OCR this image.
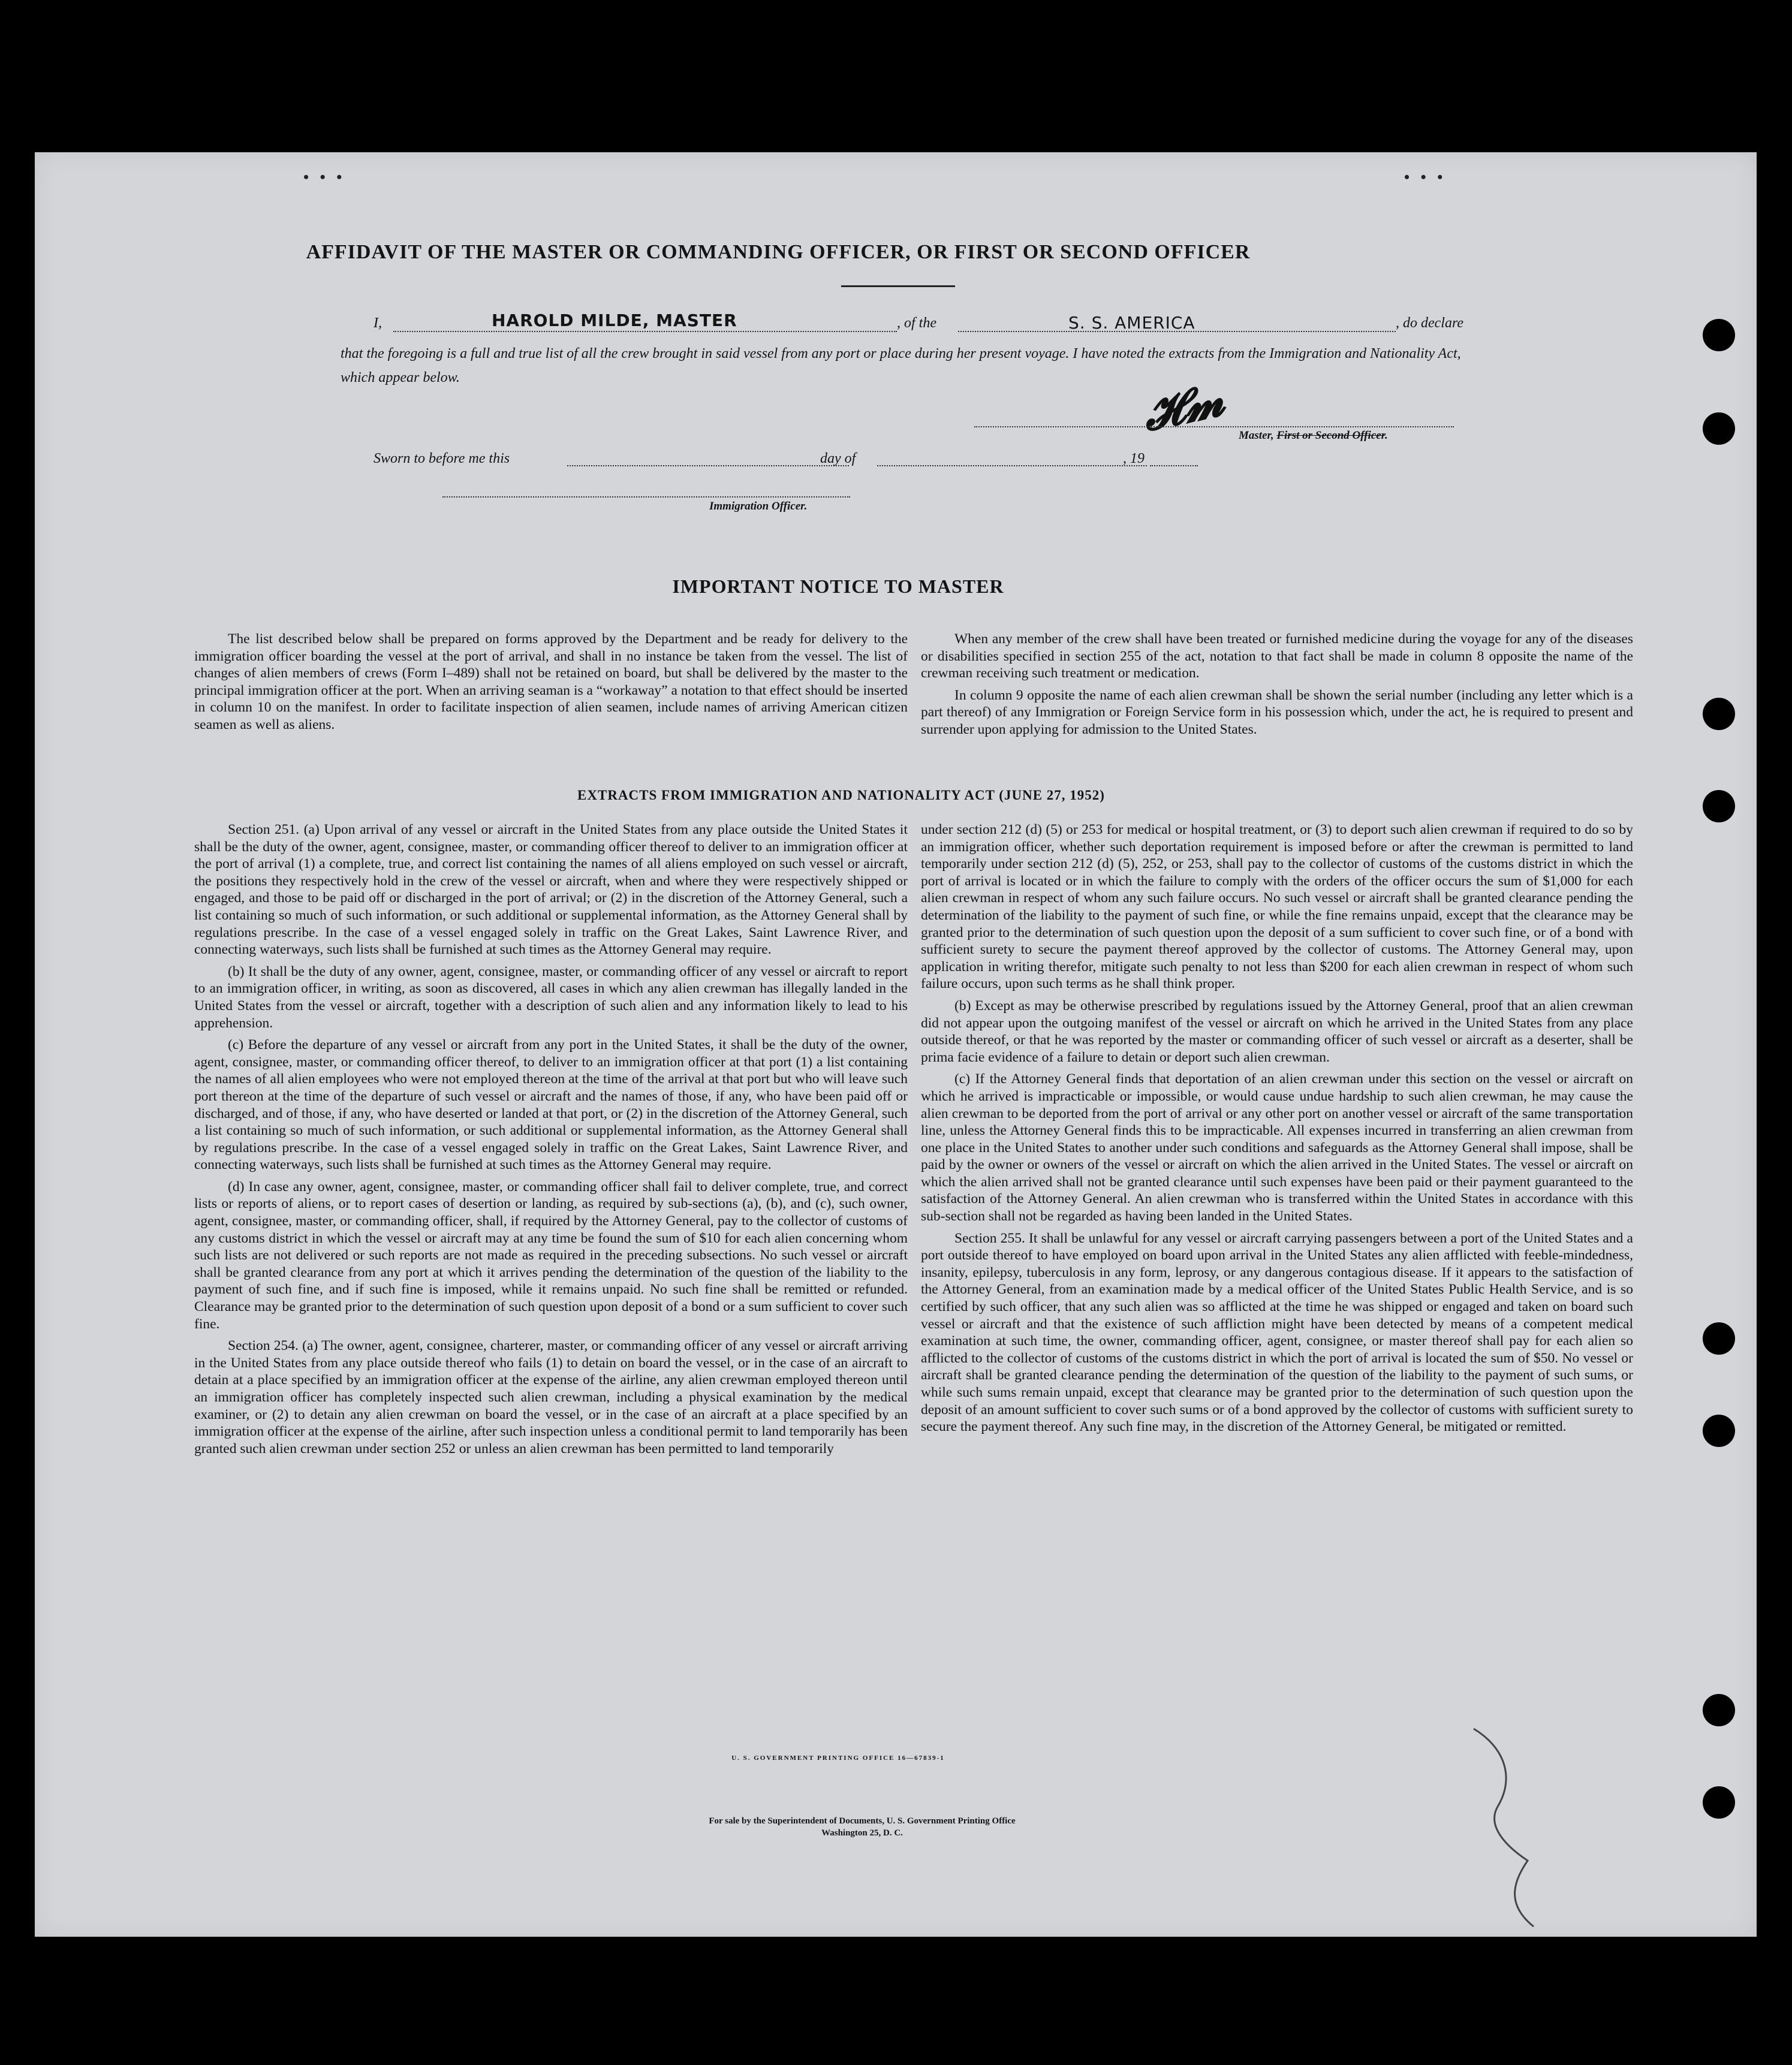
• • •	• • •
AFFIDAVIT OF THE MASTER OR COMMANDING OFFICER, OR FIRST OR SECOND OFFICER
I,	HAROLD MILDE, MASTER	, of the	S. S. AMERICA	, do declare
that the foregoing is a full and true list of all the crew brought in said vessel from any port or place during her present voyage. I have noted the extracts from the Immigration and Nationality Act, which appear below.	𝓗𝓶 Master, First or Second Officer.
Sworn to before me this	day of	, 19
Immigration Officer.
IMPORTANT NOTICE TO MASTER

The list described below shall be prepared on forms approved by the Department and be ready for delivery to the immigration officer boarding the vessel at the port of arrival, and shall in no instance be taken from the vessel. The list of changes of alien members of crews (Form I–489) shall not be retained on board, but shall be delivered by the master to the principal immigration officer at the port. When an arriving seaman is a “workaway” a notation to that effect should be inserted in column 10 on the manifest. In order to facilitate inspection of alien seamen, include names of arriving American citizen seamen as well as aliens.

When any member of the crew shall have been treated or furnished medicine during the voyage for any of the diseases or disabilities specified in section 255 of the act, notation to that fact shall be made in column 8 opposite the name of the crewman receiving such treatment or medication.

In column 9 opposite the name of each alien crewman shall be shown the serial number (including any letter which is a part thereof) of any Immigration or Foreign Service form in his possession which, under the act, he is required to present and surrender upon applying for admission to the United States.

EXTRACTS FROM IMMIGRATION AND NATIONALITY ACT (JUNE 27, 1952)

Section 251. (a) Upon arrival of any vessel or aircraft in the United States from any place outside the United States it shall be the duty of the owner, agent, consignee, master, or commanding officer thereof to deliver to an immigration officer at the port of arrival (1) a complete, true, and correct list containing the names of all aliens employed on such vessel or aircraft, the positions they respectively hold in the crew of the vessel or aircraft, when and where they were respectively shipped or engaged, and those to be paid off or discharged in the port of arrival; or (2) in the discretion of the Attorney General, such a list containing so much of such information, or such additional or supplemental information, as the Attorney General shall by regulations prescribe. In the case of a vessel engaged solely in traffic on the Great Lakes, Saint Lawrence River, and connecting waterways, such lists shall be furnished at such times as the Attorney General may require.

(b) It shall be the duty of any owner, agent, consignee, master, or commanding officer of any vessel or aircraft to report to an immigration officer, in writing, as soon as discovered, all cases in which any alien crewman has illegally landed in the United States from the vessel or aircraft, together with a description of such alien and any information likely to lead to his apprehension.

(c) Before the departure of any vessel or aircraft from any port in the United States, it shall be the duty of the owner, agent, consignee, master, or commanding officer thereof, to deliver to an immigration officer at that port (1) a list containing the names of all alien employees who were not employed thereon at the time of the arrival at that port but who will leave such port thereon at the time of the departure of such vessel or aircraft and the names of those, if any, who have been paid off or discharged, and of those, if any, who have deserted or landed at that port, or (2) in the discretion of the Attorney General, such a list containing so much of such information, or such additional or supplemental information, as the Attorney General shall by regulations prescribe. In the case of a vessel engaged solely in traffic on the Great Lakes, Saint Lawrence River, and connecting waterways, such lists shall be furnished at such times as the Attorney General may require.

(d) In case any owner, agent, consignee, master, or commanding officer shall fail to deliver complete, true, and correct lists or reports of aliens, or to report cases of desertion or landing, as required by sub-sections (a), (b), and (c), such owner, agent, consignee, master, or commanding officer, shall, if required by the Attorney General, pay to the collector of customs of any customs district in which the vessel or aircraft may at any time be found the sum of $10 for each alien concerning whom such lists are not delivered or such reports are not made as required in the preceding subsections. No such vessel or aircraft shall be granted clearance from any port at which it arrives pending the determination of the question of the liability to the payment of such fine, and if such fine is imposed, while it remains unpaid. No such fine shall be remitted or refunded. Clearance may be granted prior to the determination of such question upon deposit of a bond or a sum sufficient to cover such fine.

Section 254. (a) The owner, agent, consignee, charterer, master, or commanding officer of any vessel or aircraft arriving in the United States from any place outside thereof who fails (1) to detain on board the vessel, or in the case of an aircraft to detain at a place specified by an immigration officer at the expense of the airline, any alien crewman employed thereon until an immigration officer has completely inspected such alien crewman, including a physical examination by the medical examiner, or (2) to detain any alien crewman on board the vessel, or in the case of an aircraft at a place specified by an immigration officer at the expense of the airline, after such inspection unless a conditional permit to land temporarily has been granted such alien crewman under section 252 or unless an alien crewman has been permitted to land temporarily

under section 212 (d) (5) or 253 for medical or hospital treatment, or (3) to deport such alien crewman if required to do so by an immigration officer, whether such deportation requirement is imposed before or after the crewman is permitted to land temporarily under section 212 (d) (5), 252, or 253, shall pay to the collector of customs of the customs district in which the port of arrival is located or in which the failure to comply with the orders of the officer occurs the sum of $1,000 for each alien crewman in respect of whom any such failure occurs. No such vessel or aircraft shall be granted clearance pending the determination of the liability to the payment of such fine, or while the fine remains unpaid, except that the clearance may be granted prior to the determination of such question upon the deposit of a sum sufficient to cover such fine, or of a bond with sufficient surety to secure the payment thereof approved by the collector of customs. The Attorney General may, upon application in writing therefor, mitigate such penalty to not less than $200 for each alien crewman in respect of whom such failure occurs, upon such terms as he shall think proper.

(b) Except as may be otherwise prescribed by regulations issued by the Attorney General, proof that an alien crewman did not appear upon the outgoing manifest of the vessel or aircraft on which he arrived in the United States from any place outside thereof, or that he was reported by the master or commanding officer of such vessel or aircraft as a deserter, shall be prima facie evidence of a failure to detain or deport such alien crewman.

(c) If the Attorney General finds that deportation of an alien crewman under this section on the vessel or aircraft on which he arrived is impracticable or impossible, or would cause undue hardship to such alien crewman, he may cause the alien crewman to be deported from the port of arrival or any other port on another vessel or aircraft of the same transportation line, unless the Attorney General finds this to be impracticable. All expenses incurred in transferring an alien crewman from one place in the United States to another under such conditions and safeguards as the Attorney General shall impose, shall be paid by the owner or owners of the vessel or aircraft on which the alien arrived in the United States. The vessel or aircraft on which the alien arrived shall not be granted clearance until such expenses have been paid or their payment guaranteed to the satisfaction of the Attorney General. An alien crewman who is transferred within the United States in accordance with this sub-section shall not be regarded as having been landed in the United States.

Section 255. It shall be unlawful for any vessel or aircraft carrying passengers between a port of the United States and a port outside thereof to have employed on board upon arrival in the United States any alien afflicted with feeble-mindedness, insanity, epilepsy, tuberculosis in any form, leprosy, or any dangerous contagious disease. If it appears to the satisfaction of the Attorney General, from an examination made by a medical officer of the United States Public Health Service, and is so certified by such officer, that any such alien was so afflicted at the time he was shipped or engaged and taken on board such vessel or aircraft and that the existence of such affliction might have been detected by means of a competent medical examination at such time, the owner, commanding officer, agent, consignee, or master thereof shall pay for each alien so afflicted to the collector of customs of the customs district in which the port of arrival is located the sum of $50. No vessel or aircraft shall be granted clearance pending the determination of the question of the liability to the payment of such sums, or while such sums remain unpaid, except that clearance may be granted prior to the determination of such question upon the deposit of an amount sufficient to cover such sums or of a bond approved by the collector of customs with sufficient surety to secure the payment thereof. Any such fine may, in the discretion of the Attorney General, be mitigated or remitted.

U. S. GOVERNMENT PRINTING OFFICE 16—67839-1
For sale by the Superintendent of Documents, U. S. Government Printing Office
Washington 25, D. C.
